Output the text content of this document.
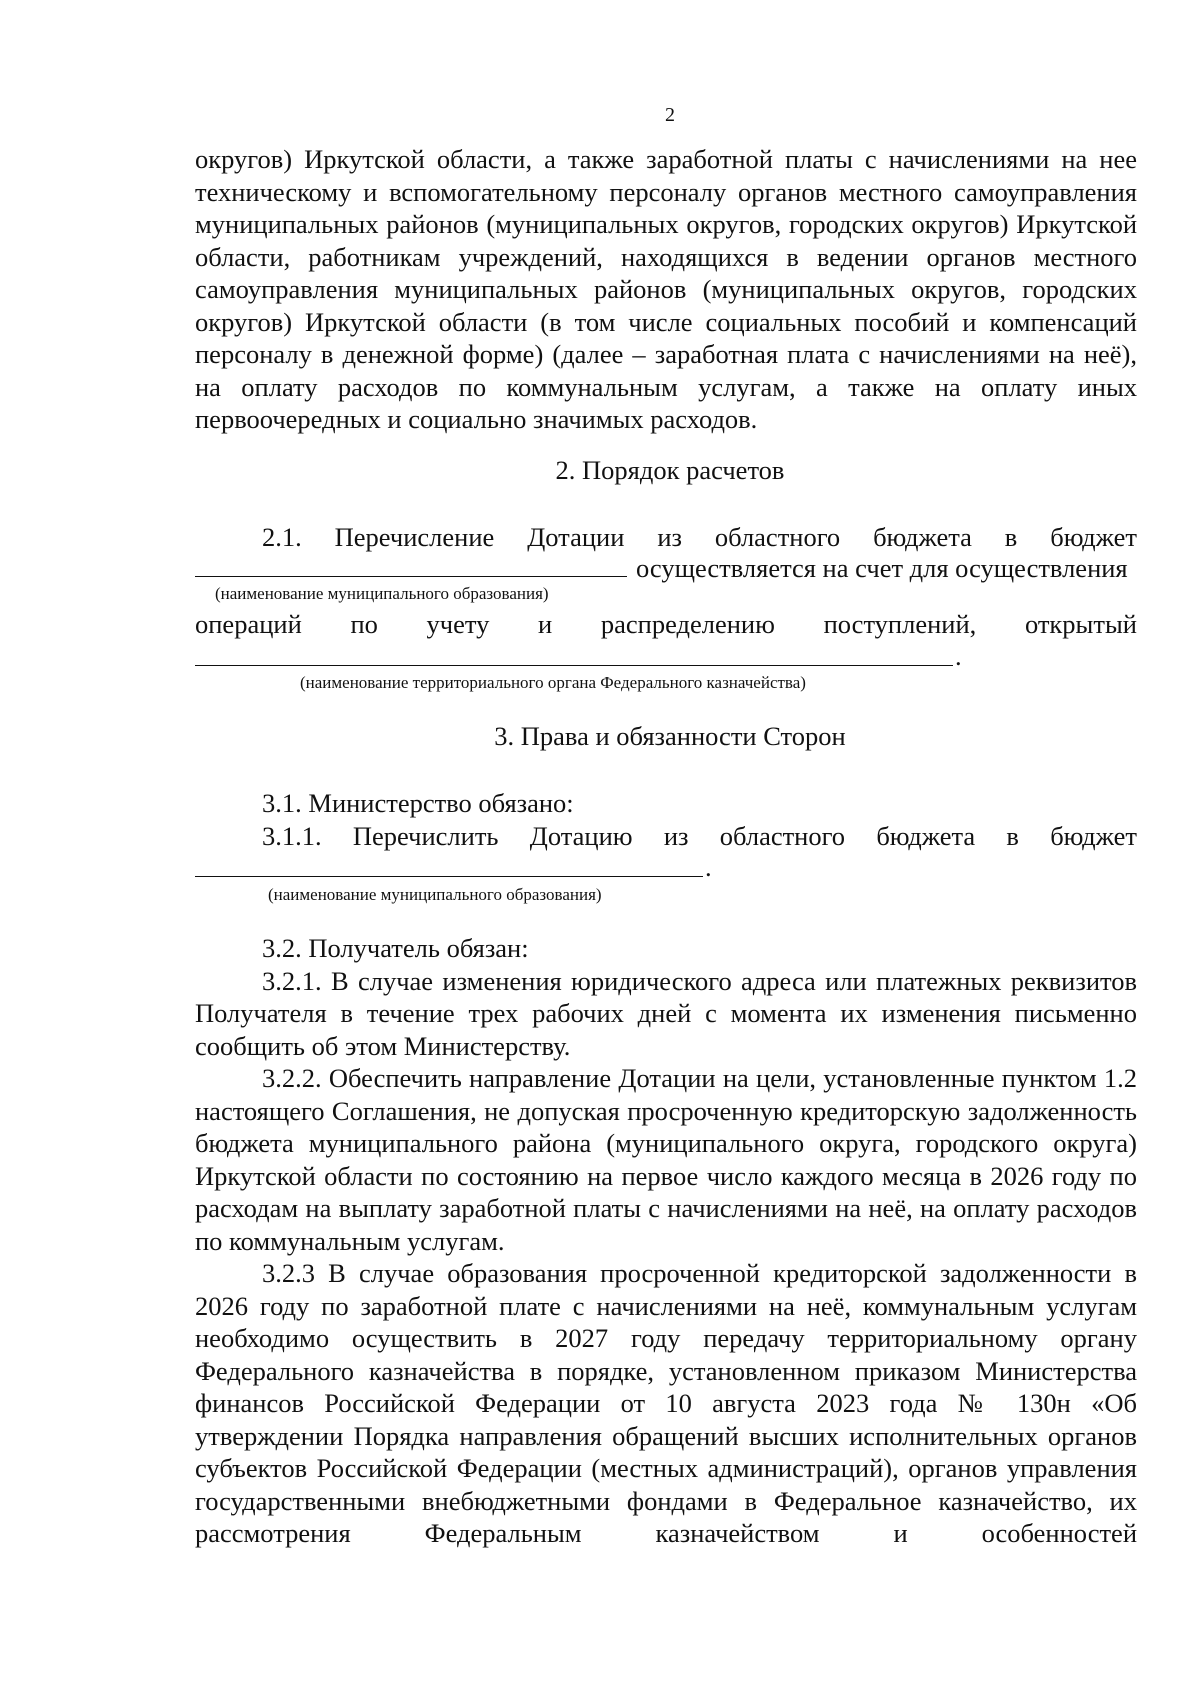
2

округов) Иркутской области, а также заработной платы с начислениями на нее

техническому и вспомогательному персоналу органов местного самоуправления муниципальных районов (муниципальных округов, городских округов) Иркутской области, работникам учреждений, находящихся в ведении органов местного самоуправления муниципальных районов (муниципальных округов, городских округов) Иркутской области (в том числе социальных пособий и компенсаций персоналу в денежной форме) (далее – заработная плата с начислениями на неё), на оплату расходов по коммунальным услугам, а также на оплату иных первоочередных и социально значимых расходов.

2. Порядок расчетов
2.1. Перечисление Дотации из областного бюджета в бюджет
осуществляется на счет для осуществления
(наименование муниципального образования)
операций по учету и распределению поступлений, открытый
.
(наименование территориального органа Федерального казначейства)
3. Права и обязанности Сторон
3.1. Министерство обязано:
3.1.1. Перечислить Дотацию из областного бюджета в бюджет
.
(наименование муниципального образования)

3.2. Получатель обязан:

3.2.1. В случае изменения юридического адреса или платежных реквизитов Получателя в течение трех рабочих дней с момента их изменения письменно сообщить об этом Министерству.

3.2.2. Обеспечить направление Дотации на цели, установленные пунктом 1.2 настоящего Соглашения, не допуская просроченную кредиторскую задолженность бюджета муниципального района (муниципального округа, городского округа) Иркутской области по состоянию на первое число каждого месяца в 2026 году по расходам на выплату заработной платы с начислениями на неё, на оплату расходов по коммунальным услугам.

3.2.3 В случае образования просроченной кредиторской задолженности в 2026 году по заработной плате с начислениями на неё, коммунальным услугам необходимо осуществить в 2027 году передачу территориальному органу Федерального казначейства в порядке, установленном приказом Министерства финансов Российской Федерации от 10 августа 2023 года № 130н «Об утверждении Порядка направления обращений высших исполнительных органов субъектов Российской Федерации (местных администраций), органов управления государственными внебюджетными фондами в Федеральное казначейство, их рассмотрения Федеральным казначейством и особенностей
